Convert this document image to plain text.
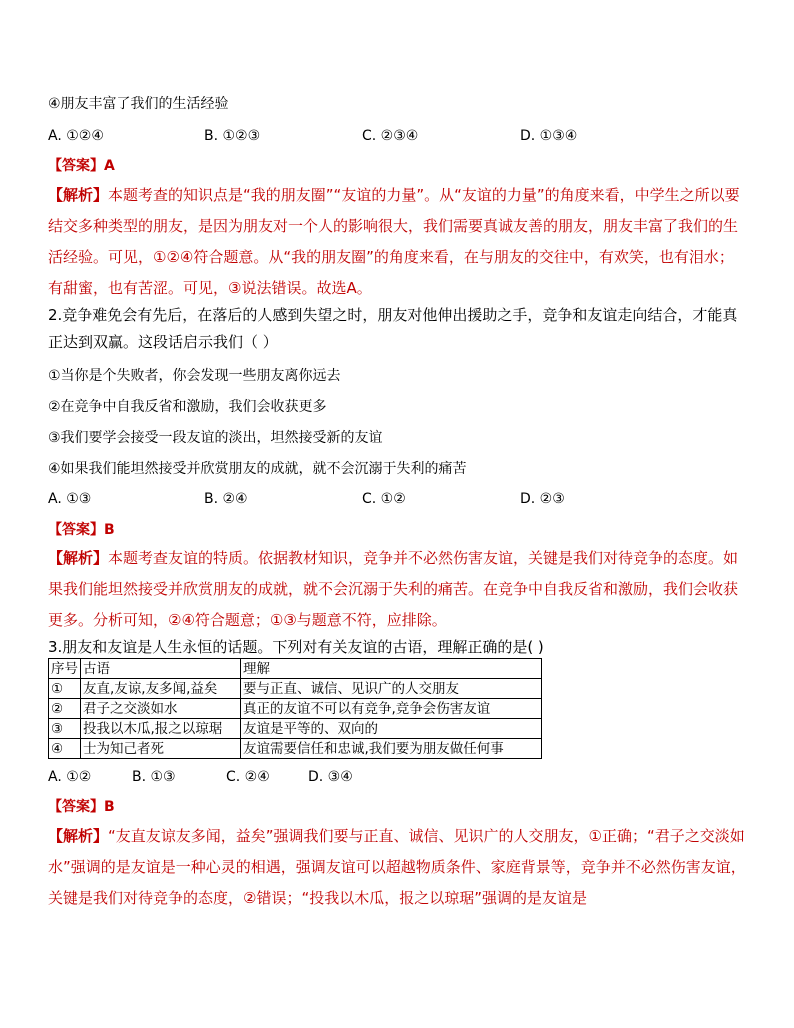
④朋友丰富了我们的生活经验
A. ①②④	B. ①②③	C. ②③④	D. ①③④
【答案】A
【解析】本题考查的知识点是“我的朋友圈”“友谊的力量”。从“友谊的力量”的角度来看，中学生之所以要结交多种类型的朋友，是因为朋友对一个人的影响很大，我们需要真诚友善的朋友，朋友丰富了我们的生活经验。可见，①②④符合题意。从“我的朋友圈”的角度来看，在与朋友的交往中，有欢笑，也有泪水；有甜蜜，也有苦涩。可见，③说法错误。故选A。
2.竞争难免会有先后，在落后的人感到失望之时，朋友对他伸出援助之手，竞争和友谊走向结合，才能真正达到双赢。这段话启示我们（ ）
①当你是个失败者，你会发现一些朋友离你远去
②在竞争中自我反省和激励，我们会收获更多
③我们要学会接受一段友谊的淡出，坦然接受新的友谊
④如果我们能坦然接受并欣赏朋友的成就，就不会沉溺于失利的痛苦
A. ①③	B. ②④	C. ①②	D. ②③
【答案】B
【解析】本题考查友谊的特质。依据教材知识，竞争并不必然伤害友谊，关键是我们对待竞争的态度。如果我们能坦然接受并欣赏朋友的成就，就不会沉溺于失利的痛苦。在竞争中自我反省和激励，我们会收获更多。分析可知，②④符合题意；①③与题意不符，应排除。
3.朋友和友谊是人生永恒的话题。下列对有关友谊的古语，理解正确的是( )
序号	古语	理解
①	友直,友谅,友多闻,益矣	要与正直、诚信、见识广的人交朋友
②	君子之交淡如水	真正的友谊不可以有竞争,竞争会伤害友谊
③	投我以木瓜,报之以琼琚	友谊是平等的、双向的
④	士为知己者死	友谊需要信任和忠诚,我们要为朋友做任何事
A. ①②	B. ①③	C. ②④	D. ③④
【答案】B
【解析】“友直友谅友多闻，益矣”强调我们要与正直、诚信、见识广的人交朋友，①正确；“君子之交淡如水”强调的是友谊是一种心灵的相遇，强调友谊可以超越物质条件、家庭背景等，竞争并不必然伤害友谊，关键是我们对待竞争的态度，②错误；“投我以木瓜，报之以琼琚”强调的是友谊是
